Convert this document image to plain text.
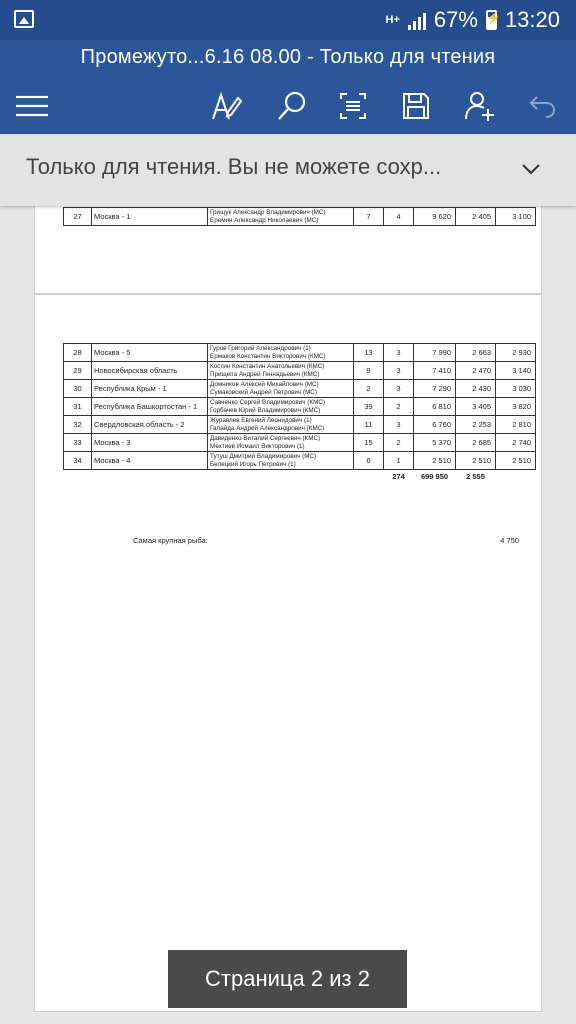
H+ 67% ⚡ 13:20
Промежуто...6.16 08.00 - Только для чтения
Только для чтения. Вы не можете сохр...
27	Москва - 1	Грищук Александр Владимирович (МС)
Еремин Александр Николаевич (МС)	7	4	9 620	2 405	3 100
28	Москва - 5	Гуров Григорий Александрович (1)
Ермаков Константин Викторович (КМС)	13	3	7 990	2 663	2 930
29	Новосибирская область	Костин Константин Анатольевич (КМС)
Прищепа Андрей Геннадьевич (КМС)	9	3	7 410	2 470	3 140
30	Республика Крым - 1	Домников Алексей Михайлович (МС)
Сумаковский Андрей Петрович (МС)	2	3	7 290	2 430	3 030
31	Республика Башкортостан - 1	Савченко Сергей Владимирович (КМС)
Горбачев Юрий Владимирович (КМС)	39	2	6 810	3 405	3 820
32	Свердловская область - 2	Журавлев Евгений Леонидович (1)
Галайда Андрей Александрович (КМС)	11	3	6 760	2 253	2 810
33	Москва - 3	Давиденко Виталий Сергеевич (КМС)
Мехтиев Исмаил Викторович (1)	15	2	5 370	2 685	2 740
34	Москва - 4	Тутуш Дмитрий Владимирович (МС)
Белецкий Игорь Петрович (1)	6	1	2 510	2 510	2 510
				274	699 950	2 555	
Самая крупная рыба:	4 750
Страница 2 из 2
